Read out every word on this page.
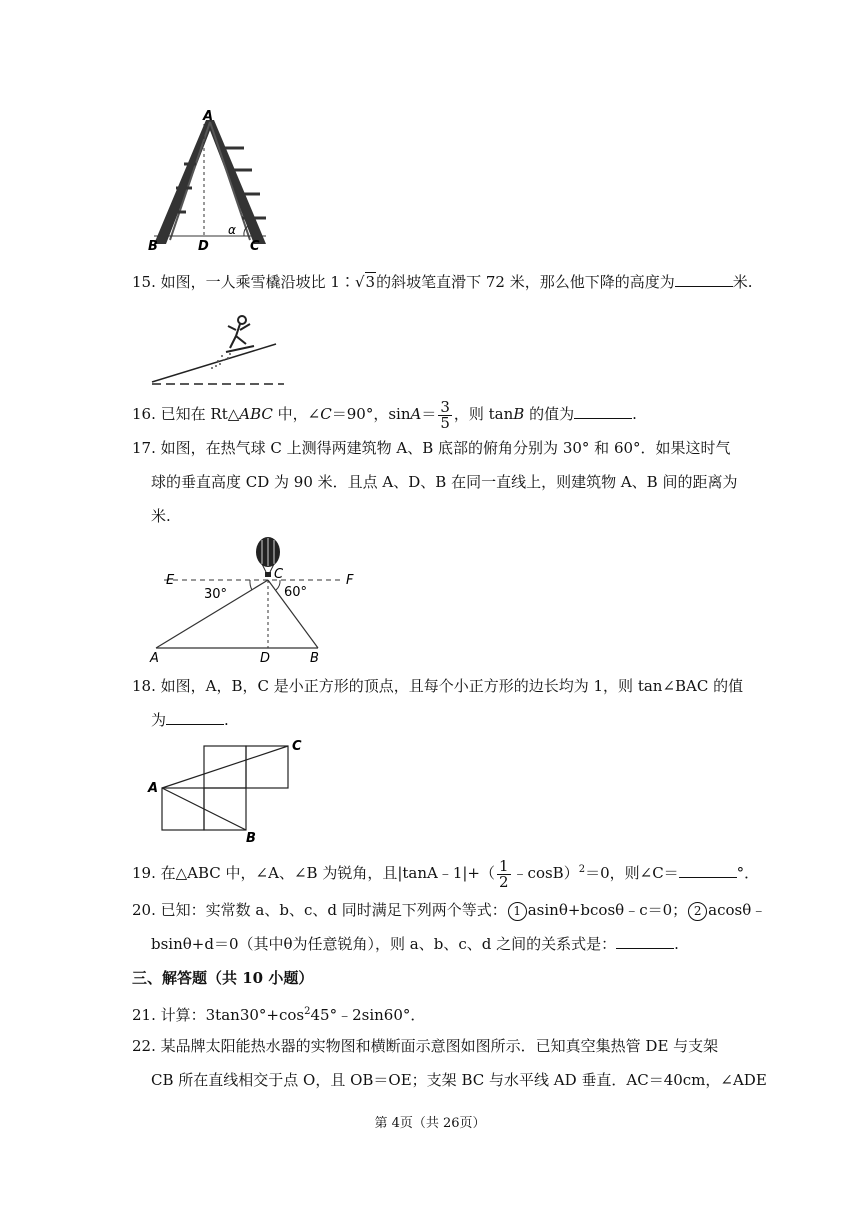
A
B	D	C
α
15. 如图，一人乘雪橇沿坡比 1∶√3的斜坡笔直滑下 72 米，那么他下降的高度为	米.
16. 已知在 Rt△ABC 中，∠C＝90°，$\sin A= \frac{3}{5}$ ，则 tanB 的值为	.
17. 如图，在热气球 C 上测得两建筑物 A、B 底部的俯角分别为 30° 和 60°．如果这时气
球的垂直高度 CD 为 90 米．且点 A、D、B 在同一直线上，则建筑物 A、B 间的距离为
米.
E	F
C
30°	60°
A	D	B
18. 如图，A，B，C 是小正方形的顶点，且每个小正方形的边长均为 1，则 tan∠BAC 的值
为	.
A
B
C
19. 在△ABC 中，∠A、∠B 为锐角，且|tanA﹣1|+（ $\frac{1}{2}$ ﹣cosB）$^2$＝0，则∠C＝	°．
20. 已知：实常数 a、b、c、d 同时满足下列两个等式： 1 asinθ+bcosθ﹣c＝0； 2 acosθ﹣
bsinθ+d＝0（其中θ为任意锐角），则 a、b、c、d 之间的关系式是：	.
三、解答题（共 10 小题）
21. 计算：$3\tan 30^\circ+\cos^245^\circ﹣2\sin 60^\circ$．
22. 某品牌太阳能热水器的实物图和横断面示意图如图所示．已知真空集热管 DE 与支架
CB 所在直线相交于点 O，且 OB＝OE；支架 BC 与水平线 AD 垂直．AC＝40cm，∠ADE
第 4页（共 26页）
